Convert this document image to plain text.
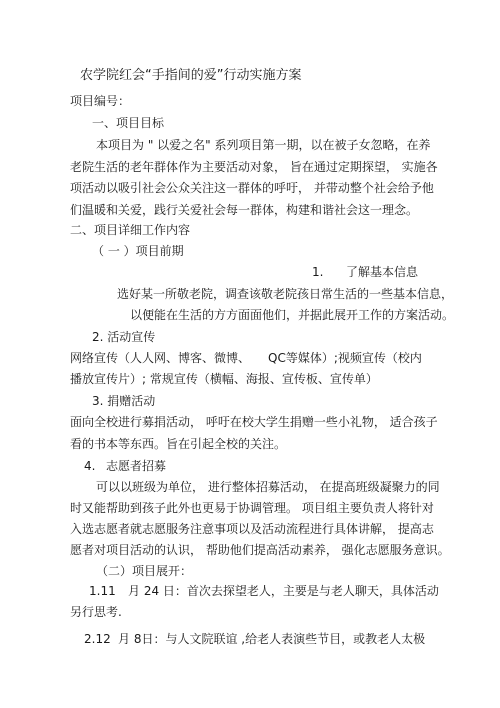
农学院红会“手指间的爱”行动实施方案
项目编号：
一、项目目标
本项目为 " 以爱之名" 系列项目第一期，以在被子女忽略，在养
老院生活的老年群体作为主要活动对象， 旨在通过定期探望， 实施各
项活动以吸引社会公众关注这一群体的呼吁， 并带动整个社会给予他
们温暖和关爱，践行关爱社会每一群体，构建和谐社会这一理念。
二、项目详细工作内容
（ 一 ）项目前期
1. 了解基本信息
选好某一所敬老院，调查该敬老院孩日常生活的一些基本信息，
以便能在生活的方方面面他们，并据此展开工作的方案活动。
2. 活动宣传
网络宣传（人人网、博客、微博、 QC等媒体）;视频宣传（校内
播放宣传片）; 常规宣传（横幅、海报、宣传板、宣传单）
3. 捐赠活动
面向全校进行募捐活动， 呼吁在校大学生捐赠一些小礼物， 适合孩子
看的书本等东西。旨在引起全校的关注。
4. 志愿者招募
可以以班级为单位， 进行整体招募活动， 在提高班级凝聚力的同
时又能帮助到孩子此外也更易于协调管理。 项目组主要负责人将针对
入选志愿者就志愿服务注意事项以及活动流程进行具体讲解， 提高志
愿者对项目活动的认识， 帮助他们提高活动素养， 强化志愿服务意识。
（二）项目展开：
1.11 月 24 日：首次去探望老人，主要是与老人聊天，具体活动
另行思考.
2.12 月 8日：与人文院联谊 ,给老人表演些节目，或教老人太极
